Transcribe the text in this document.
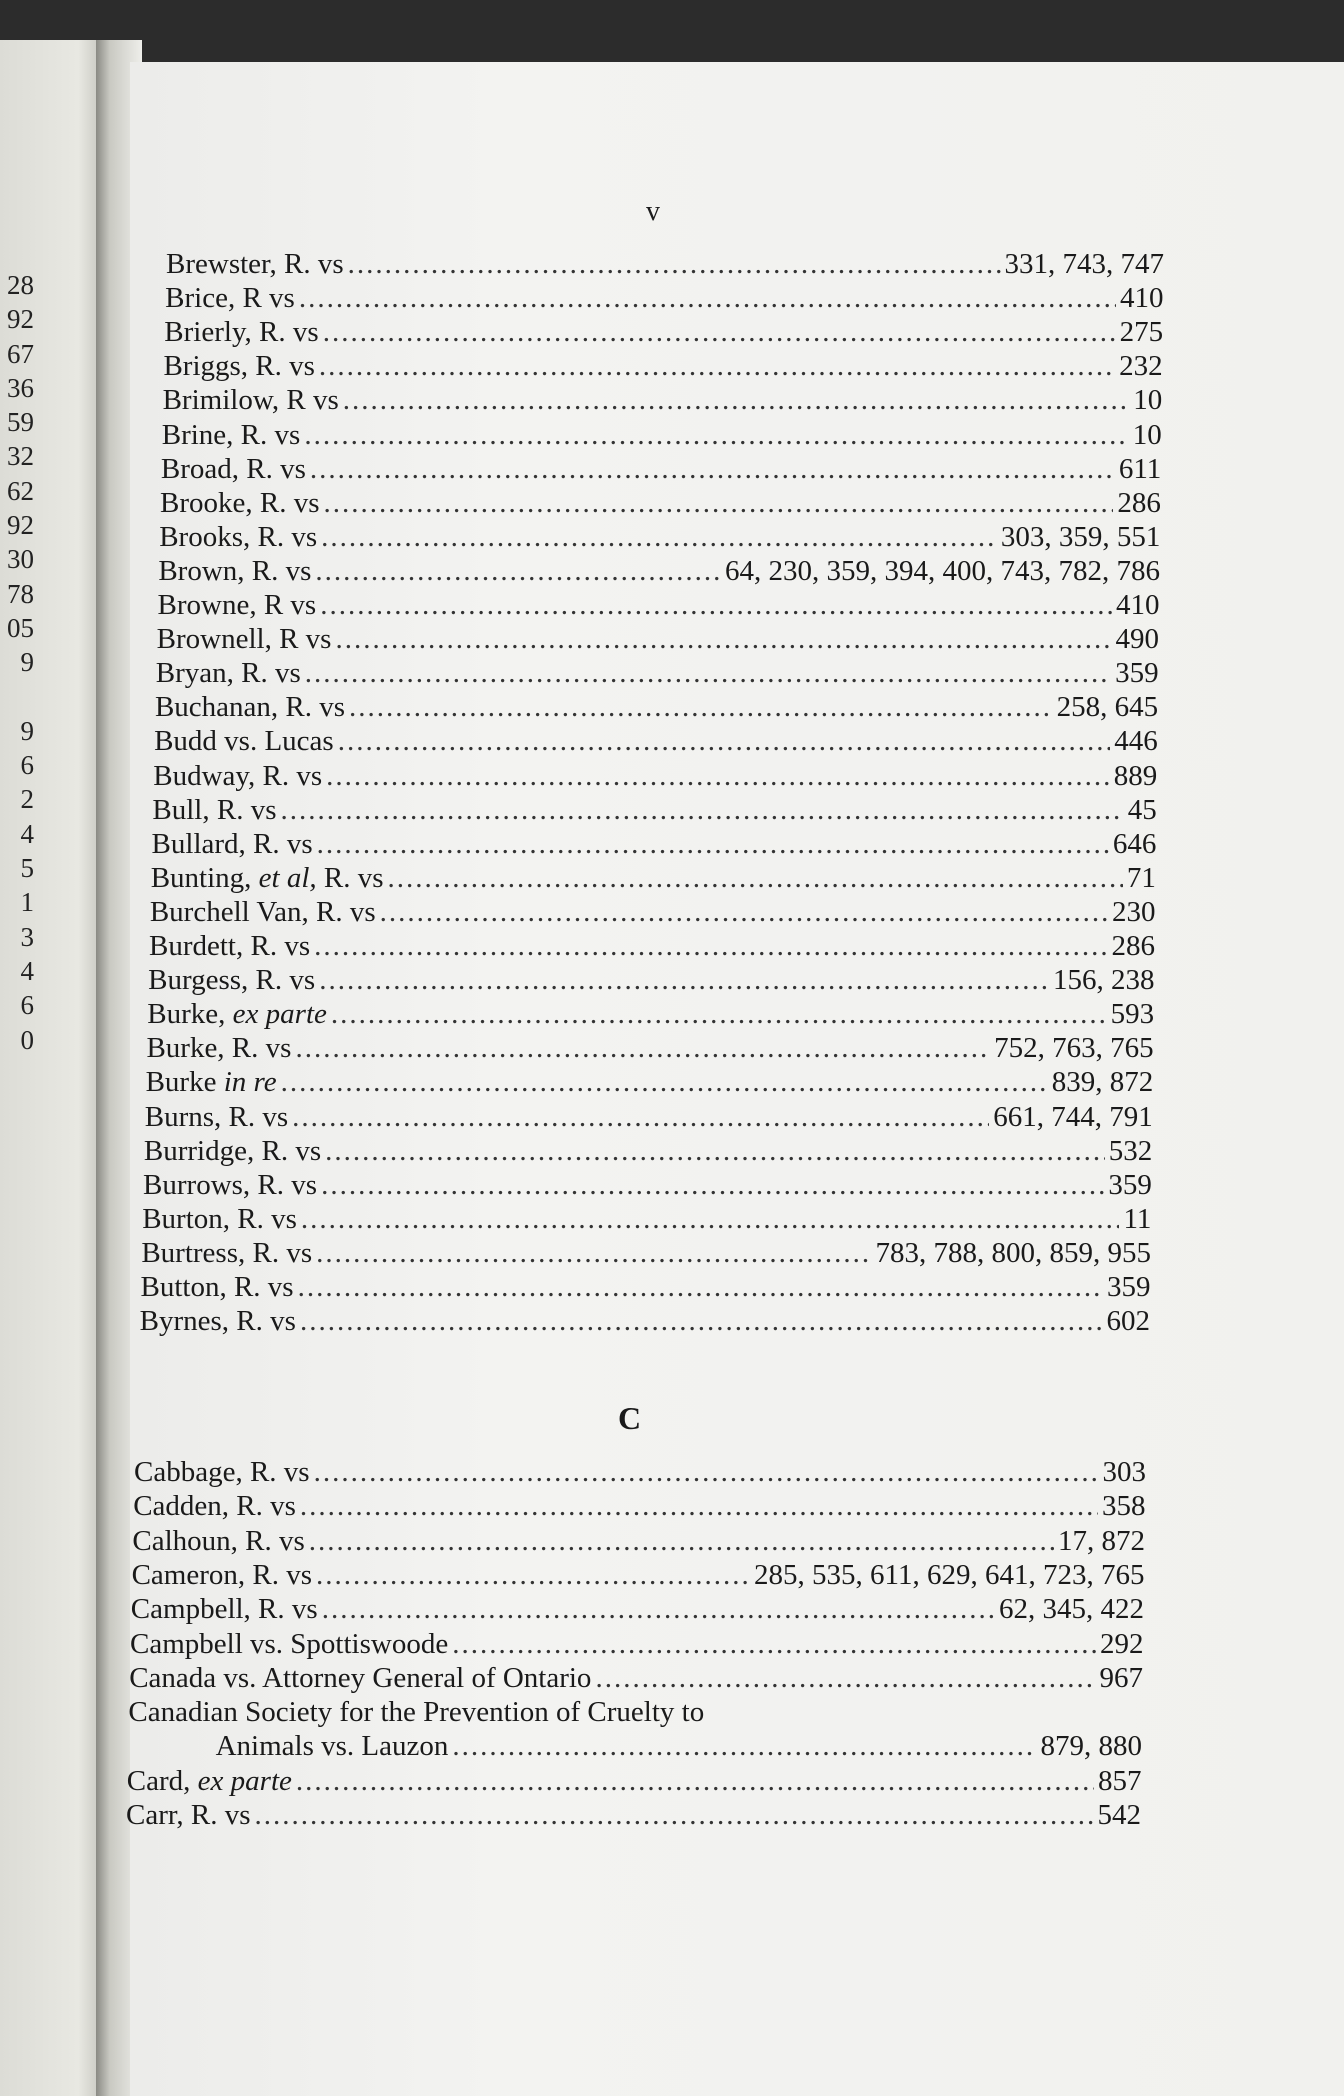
28
92
67
36
59
32
62
92
30
78
05
9
9
6
2
4
5
1
3
4
6
0
v
Brewster, R. vs .....	331, 743, 747
Brice, R vs .....	410
Brierly, R. vs .....	275
Briggs, R. vs .....	232
Brimilow, R vs .....	10
Brine, R. vs .....	10
Broad, R. vs .....	611
Brooke, R. vs .....	286
Brooks, R. vs .....	303, 359, 551
Brown, R. vs .....	64, 230, 359, 394, 400, 743, 782, 786
Browne, R vs .....	410
Brownell, R vs .....	490
Bryan, R. vs .....	359
Buchanan, R. vs .....	258, 645
Budd vs. Lucas .....	446
Budway, R. vs .....	889
Bull, R. vs .....	45
Bullard, R. vs .....	646
Bunting, et al, R. vs .....	71
Burchell Van, R. vs .....	230
Burdett, R. vs .....	286
Burgess, R. vs .....	156, 238
Burke, ex parte .....	593
Burke, R. vs .....	752, 763, 765
Burke in re .....	839, 872
Burns, R. vs .....	661, 744, 791
Burridge, R. vs .....	532
Burrows, R. vs .....	359
Burton, R. vs .....	11
Burtress, R. vs .....	783, 788, 800, 859, 955
Button, R. vs .....	359
Byrnes, R. vs .....	602
C
Cabbage, R. vs .....	303
Cadden, R. vs .....	358
Calhoun, R. vs .....	17, 872
Cameron, R. vs .....	285, 535, 611, 629, 641, 723, 765
Campbell, R. vs .....	62, 345, 422
Campbell vs. Spottiswoode .....	292
Canada vs. Attorney General of Ontario .....	967
Canadian Society for the Prevention of Cruelty to
Animals vs. Lauzon .....	879, 880
Card, ex parte .....	857
Carr, R. vs .....	542
